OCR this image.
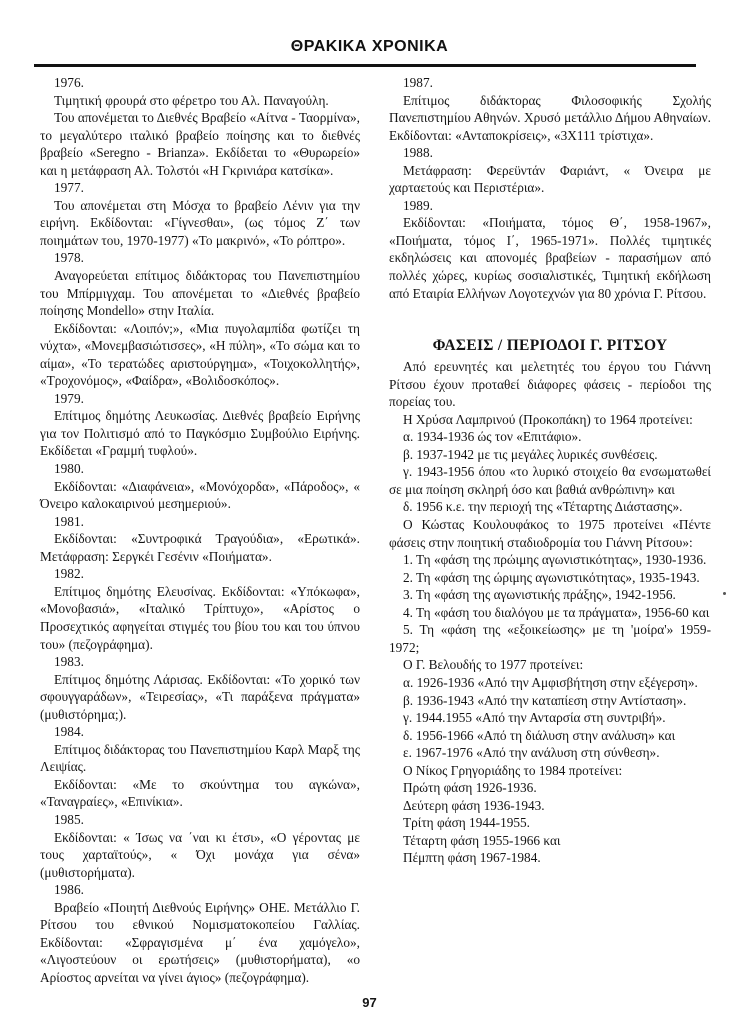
ΘΡΑΚΙΚΑ ΧΡΟΝΙΚΑ

1976.

Τιμητική φρουρά στο φέρετρο του Αλ. Παναγούλη.

Του απονέμεται το Διεθνές Βραβείο «Αίτνα - Ταορμίνα», το μεγαλύτερο ιταλικό βραβείο ποίησης και το διεθνές βραβείο «Seregno - Brianza». Εκδίδεται το «Θυρωρείο» και η μετάφραση Αλ. Τολστόι «Η Γκρινιάρα κατσίκα».

1977.

Του απονέμεται στη Μόσχα το βραβείο Λένιν για την ειρήνη. Εκδίδονται: «Γίγνεσθαι», (ως τόμος Ζ΄ των ποιημάτων του, 1970-1977) «Το μακρινό», «Το ρόπτρο».

1978.

Αναγορεύεται επίτιμος διδάκτορας του Πανεπιστημίου του Μπίρμιγχαμ. Του απονέμεται το «Διεθνές βραβείο ποίησης Mondello» στην Ιταλία.

Εκδίδονται: «Λοιπόν;», «Μια πυγολαμπίδα φωτίζει τη νύχτα», «Μονεμβασιώτισσες», «Η πύλη», «Το σώμα και το αίμα», «Το τερατώδες αριστούργημα», «Τοιχοκολλητής», «Τροχονόμος», «Φαίδρα», «Βολιδοσκόπος».

1979.

Επίτιμος δημότης Λευκωσίας. Διεθνές βραβείο Ειρήνης για τον Πολιτισμό από το Παγκόσμιο Συμβούλιο Ειρήνης. Εκδίδεται «Γραμμή τυφλού».

1980.

Εκδίδονται: «Διαφάνεια», «Μονόχορδα», «Πάροδος», « Όνειρο καλοκαιρινού μεσημεριού».

1981.

Εκδίδονται: «Συντροφικά Τραγούδια», «Ερωτικά». Μετάφραση: Σεργκέι Γεσένιν «Ποιήματα».

1982.

Επίτιμος δημότης Ελευσίνας. Εκδίδονται: «Υπόκωφα», «Μονοβασιά», «Ιταλικό Τρίπτυχο», «Αρίστος ο Προσεχτικός αφηγείται στιγμές του βίου του και του ύπνου του» (πεζογράφημα).

1983.

Επίτιμος δημότης Λάρισας. Εκδίδονται: «Το χορικό των σφουγγαράδων», «Τειρεσίας», «Τι παράξενα πράγματα» (μυθιστόρημα;).

1984.

Επίτιμος διδάκτορας του Πανεπιστημίου Καρλ Μαρξ της Λειψίας.

Εκδίδονται: «Με το σκούντημα του αγκώνα», «Ταναγραίες», «Επινίκια».

1985.

Εκδίδονται: « Ίσως να ΄ναι κι έτσι», «Ο γέροντας με τους χαρταϊτούς», « Όχι μονάχα για σένα» (μυθιστορήματα).

1986.

Βραβείο «Ποιητή Διεθνούς Ειρήνης» ΟΗΕ. Μετάλλιο Γ. Ρίτσου του εθνικού Νομισματοκοπείου Γαλλίας. Εκδίδονται: «Σφραγισμένα μ΄ ένα χαμόγελο», «Λιγοστεύουν οι ερωτήσεις» (μυθιστορήματα), «ο Αρίοστος αρνείται να γίνει άγιος» (πεζογράφημα).

1987.

Επίτιμος διδάκτορας Φιλοσοφικής Σχολής Πανεπιστημίου Αθηνών. Χρυσό μετάλλιο Δήμου Αθηναίων. Εκδίδονται: «Ανταποκρίσεις», «3Χ111 τρίστιχα».

1988.

Μετάφραση: Φερεϋντάν Φαριάντ, « Όνειρα με χαρταετούς και Περιστέρια».

1989.

Εκδίδονται: «Ποιήματα, τόμος Θ΄, 1958-1967», «Ποιήματα, τόμος Ι΄, 1965-1971». Πολλές τιμητικές εκδηλώσεις και απονομές βραβείων - παρασήμων από πολλές χώρες, κυρίως σοσιαλιστικές, Τιμητική εκδήλωση από Εταιρία Ελλήνων Λογοτεχνών για 80 χρόνια Γ. Ρίτσου.

ΦΑΣΕΙΣ / ΠΕΡΙΟΔΟΙ Γ. ΡΙΤΣΟΥ

Από ερευνητές και μελετητές του έργου του Γιάννη Ρίτσου έχουν προταθεί διάφορες φάσεις - περίοδοι της πορείας του.

Η Χρύσα Λαμπρινού (Προκοπάκη) το 1964 προτείνει:

α. 1934-1936 ώς τον «Επιτάφιο».

β. 1937-1942 με τις μεγάλες λυρικές συνθέσεις.

γ. 1943-1956 όπου «το λυρικό στοιχείο θα ενσωματωθεί σε μια ποίηση σκληρή όσο και βαθιά ανθρώπινη» και

δ. 1956 κ.ε. την περιοχή της «Τέταρτης Διάστασης».

Ο Κώστας Κουλουφάκος το 1975 προτείνει «Πέντε φάσεις στην ποιητική σταδιοδρομία του Γιάννη Ρίτσου»:

1. Τη «φάση της πρώιμης αγωνιστικότητας», 1930-1936.

2. Τη «φάση της ώριμης αγωνιστικότητας», 1935-1943.

3. Τη «φάση της αγωνιστικής πράξης», 1942-1956.

4. Τη «φάση του διαλόγου με τα πράγματα», 1956-60 και

5. Τη «φάση της «εξοικείωσης» με τη 'μοίρα'» 1959-1972;

Ο Γ. Βελουδής το 1977 προτείνει:

α. 1926-1936 «Από την Αμφισβήτηση στην εξέγερση».

β. 1936-1943 «Από την καταπίεση στην Αντίσταση».

γ. 1944.1955 «Από την Ανταρσία στη συντριβή».

δ. 1956-1966 «Από τη διάλυση στην ανάλυση» και

ε. 1967-1976 «Από την ανάλυση στη σύνθεση».

Ο Νίκος Γρηγοριάδης το 1984 προτείνει:

Πρώτη φάση 1926-1936.

Δεύτερη φάση 1936-1943.

Τρίτη φάση 1944-1955.

Τέταρτη φάση 1955-1966 και

Πέμπτη φάση 1967-1984.

97
